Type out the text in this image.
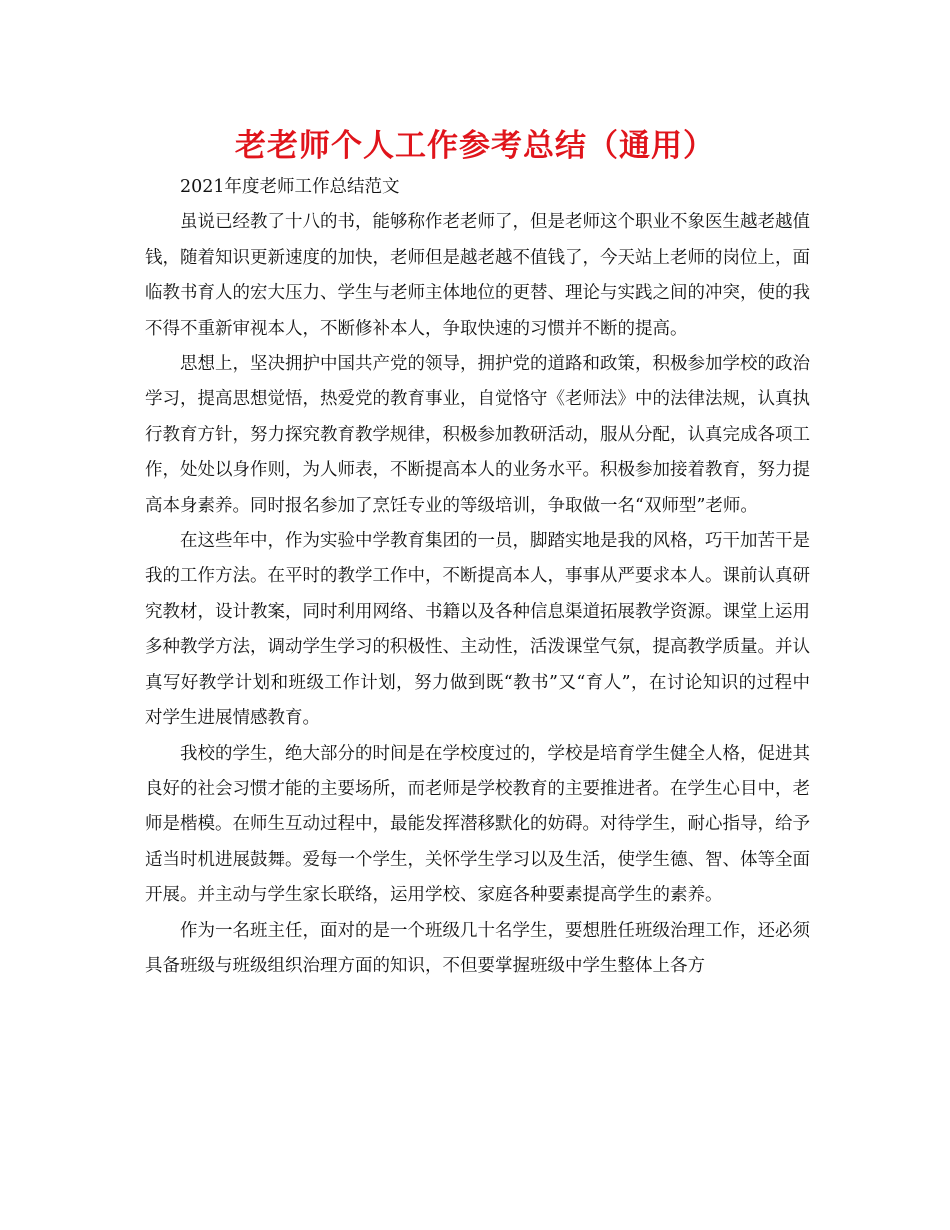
老老师个人工作参考总结（通用）

2021年度老师工作总结范文

虽说已经教了十八的书，能够称作老老师了，但是老师这个职业不象医生越老越值钱，随着知识更新速度的加快，老师但是越老越不值钱了，今天站上老师的岗位上，面临教书育人的宏大压力、学生与老师主体地位的更替、理论与实践之间的冲突，使的我不得不重新审视本人，不断修补本人，争取快速的习惯并不断的提高。

思想上，坚决拥护中国共产党的领导，拥护党的道路和政策，积极参加学校的政治学习，提高思想觉悟，热爱党的教育事业，自觉恪守《老师法》中的法律法规，认真执行教育方针，努力探究教育教学规律，积极参加教研活动，服从分配，认真完成各项工作，处处以身作则，为人师表，不断提高本人的业务水平。积极参加接着教育，努力提高本身素养。同时报名参加了烹饪专业的等级培训，争取做一名“双师型”老师。

在这些年中，作为实验中学教育集团的一员，脚踏实地是我的风格，巧干加苦干是我的工作方法。在平时的教学工作中，不断提高本人，事事从严要求本人。课前认真研究教材，设计教案，同时利用网络、书籍以及各种信息渠道拓展教学资源。课堂上运用多种教学方法，调动学生学习的积极性、主动性，活泼课堂气氛，提高教学质量。并认真写好教学计划和班级工作计划，努力做到既“教书”又“育人”，在讨论知识的过程中对学生进展情感教育。

我校的学生，绝大部分的时间是在学校度过的，学校是培育学生健全人格，促进其良好的社会习惯才能的主要场所，而老师是学校教育的主要推进者。在学生心目中，老师是楷模。在师生互动过程中，最能发挥潜移默化的妨碍。对待学生，耐心指导，给予适当时机进展鼓舞。爱每一个学生，关怀学生学习以及生活，使学生德、智、体等全面开展。并主动与学生家长联络，运用学校、家庭各种要素提高学生的素养。

作为一名班主任，面对的是一个班级几十名学生，要想胜任班级治理工作，还必须具备班级与班级组织治理方面的知识，不但要掌握班级中学生整体上各方
